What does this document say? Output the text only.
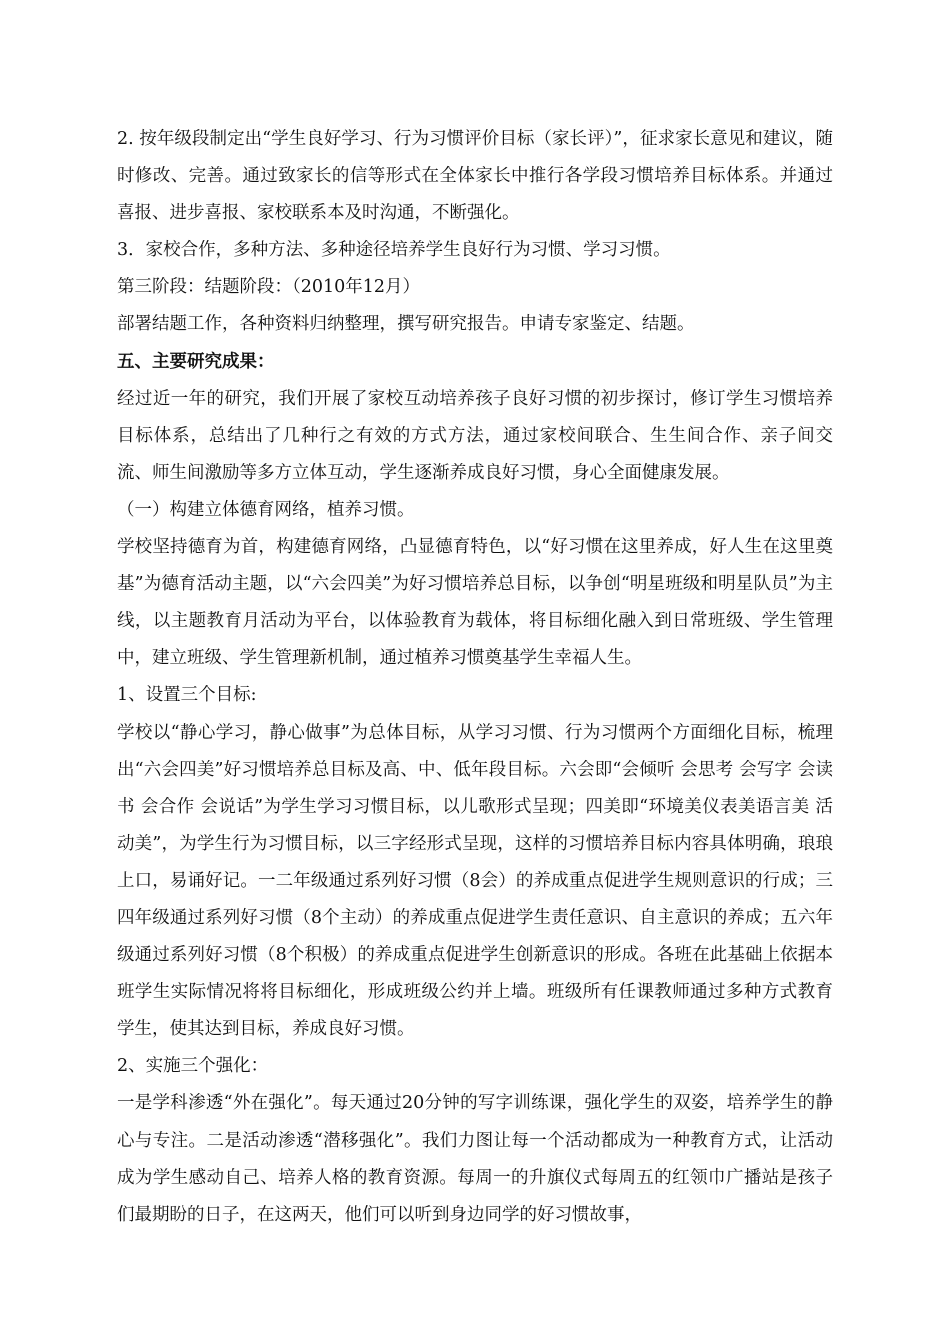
2. 按年级段制定出“学生良好学习、行为习惯评价目标（家长评）”，征求家长意见和建议，随时修改、完善。通过致家长的信等形式在全体家长中推行各学段习惯培养目标体系。并通过喜报、进步喜报、家校联系本及时沟通，不断强化。

3．家校合作，多种方法、多种途径培养学生良好行为习惯、学习习惯。

第三阶段：结题阶段：（2010年12月）

部署结题工作，各种资料归纳整理，撰写研究报告。申请专家鉴定、结题。

五、主要研究成果：

经过近一年的研究，我们开展了家校互动培养孩子良好习惯的初步探讨，修订学生习惯培养目标体系，总结出了几种行之有效的方式方法，通过家校间联合、生生间合作、亲子间交流、师生间激励等多方立体互动，学生逐渐养成良好习惯，身心全面健康发展。

（一）构建立体德育网络，植养习惯。

学校坚持德育为首，构建德育网络，凸显德育特色，以“好习惯在这里养成，好人生在这里奠基”为德育活动主题，以“六会四美”为好习惯培养总目标，以争创“明星班级和明星队员”为主线，以主题教育月活动为平台，以体验教育为载体，将目标细化融入到日常班级、学生管理中，建立班级、学生管理新机制，通过植养习惯奠基学生幸福人生。

1、设置三个目标:

学校以“静心学习，静心做事”为总体目标，从学习习惯、行为习惯两个方面细化目标，梳理出“六会四美”好习惯培养总目标及高、中、低年段目标。六会即“会倾听 会思考 会写字 会读书 会合作 会说话”为学生学习习惯目标，以儿歌形式呈现；四美即“环境美仪表美语言美 活动美”，为学生行为习惯目标，以三字经形式呈现，这样的习惯培养目标内容具体明确，琅琅上口，易诵好记。一二年级通过系列好习惯（8会）的养成重点促进学生规则意识的行成；三四年级通过系列好习惯（8个主动）的养成重点促进学生责任意识、自主意识的养成；五六年级通过系列好习惯（8个积极）的养成重点促进学生创新意识的形成。各班在此基础上依据本班学生实际情况将将目标细化，形成班级公约并上墙。班级所有任课教师通过多种方式教育学生，使其达到目标，养成良好习惯。

2、实施三个强化：

一是学科渗透“外在强化”。每天通过20分钟的写字训练课，强化学生的双姿，培养学生的静心与专注。二是活动渗透“潜移强化”。我们力图让每一个活动都成为一种教育方式，让活动成为学生感动自己、培养人格的教育资源。每周一的升旗仪式每周五的红领巾广播站是孩子们最期盼的日子，在这两天，他们可以听到身边同学的好习惯故事，
